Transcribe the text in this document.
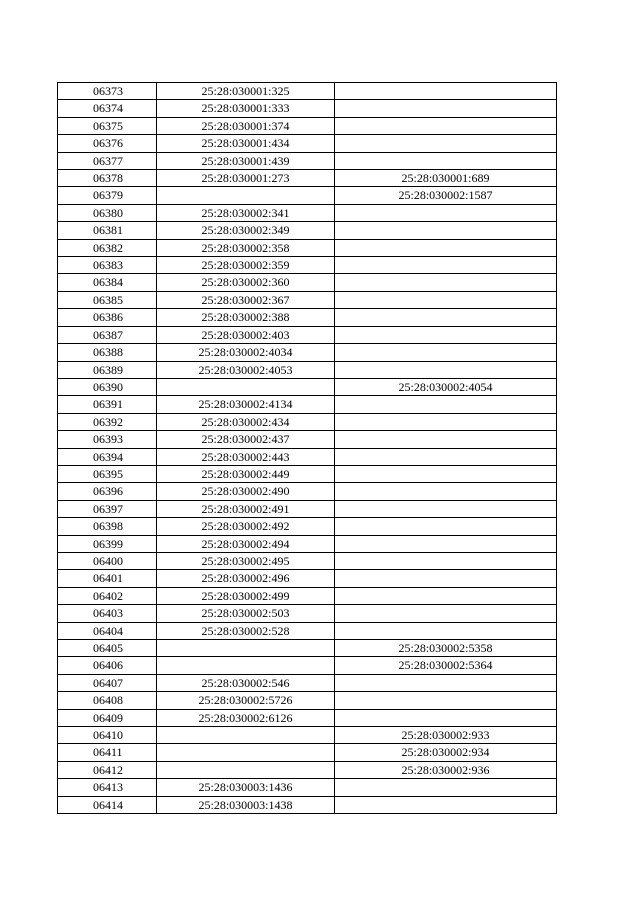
06373	25:28:030001:325	
06374	25:28:030001:333	
06375	25:28:030001:374	
06376	25:28:030001:434	
06377	25:28:030001:439	
06378	25:28:030001:273	25:28:030001:689
06379		25:28:030002:1587
06380	25:28:030002:341	
06381	25:28:030002:349	
06382	25:28:030002:358	
06383	25:28:030002:359	
06384	25:28:030002:360	
06385	25:28:030002:367	
06386	25:28:030002:388	
06387	25:28:030002:403	
06388	25:28:030002:4034	
06389	25:28:030002:4053	
06390		25:28:030002:4054
06391	25:28:030002:4134	
06392	25:28:030002:434	
06393	25:28:030002:437	
06394	25:28:030002:443	
06395	25:28:030002:449	
06396	25:28:030002:490	
06397	25:28:030002:491	
06398	25:28:030002:492	
06399	25:28:030002:494	
06400	25:28:030002:495	
06401	25:28:030002:496	
06402	25:28:030002:499	
06403	25:28:030002:503	
06404	25:28:030002:528	
06405		25:28:030002:5358
06406		25:28:030002:5364
06407	25:28:030002:546	
06408	25:28:030002:5726	
06409	25:28:030002:6126	
06410		25:28:030002:933
06411		25:28:030002:934
06412		25:28:030002:936
06413	25:28:030003:1436	
06414	25:28:030003:1438	
